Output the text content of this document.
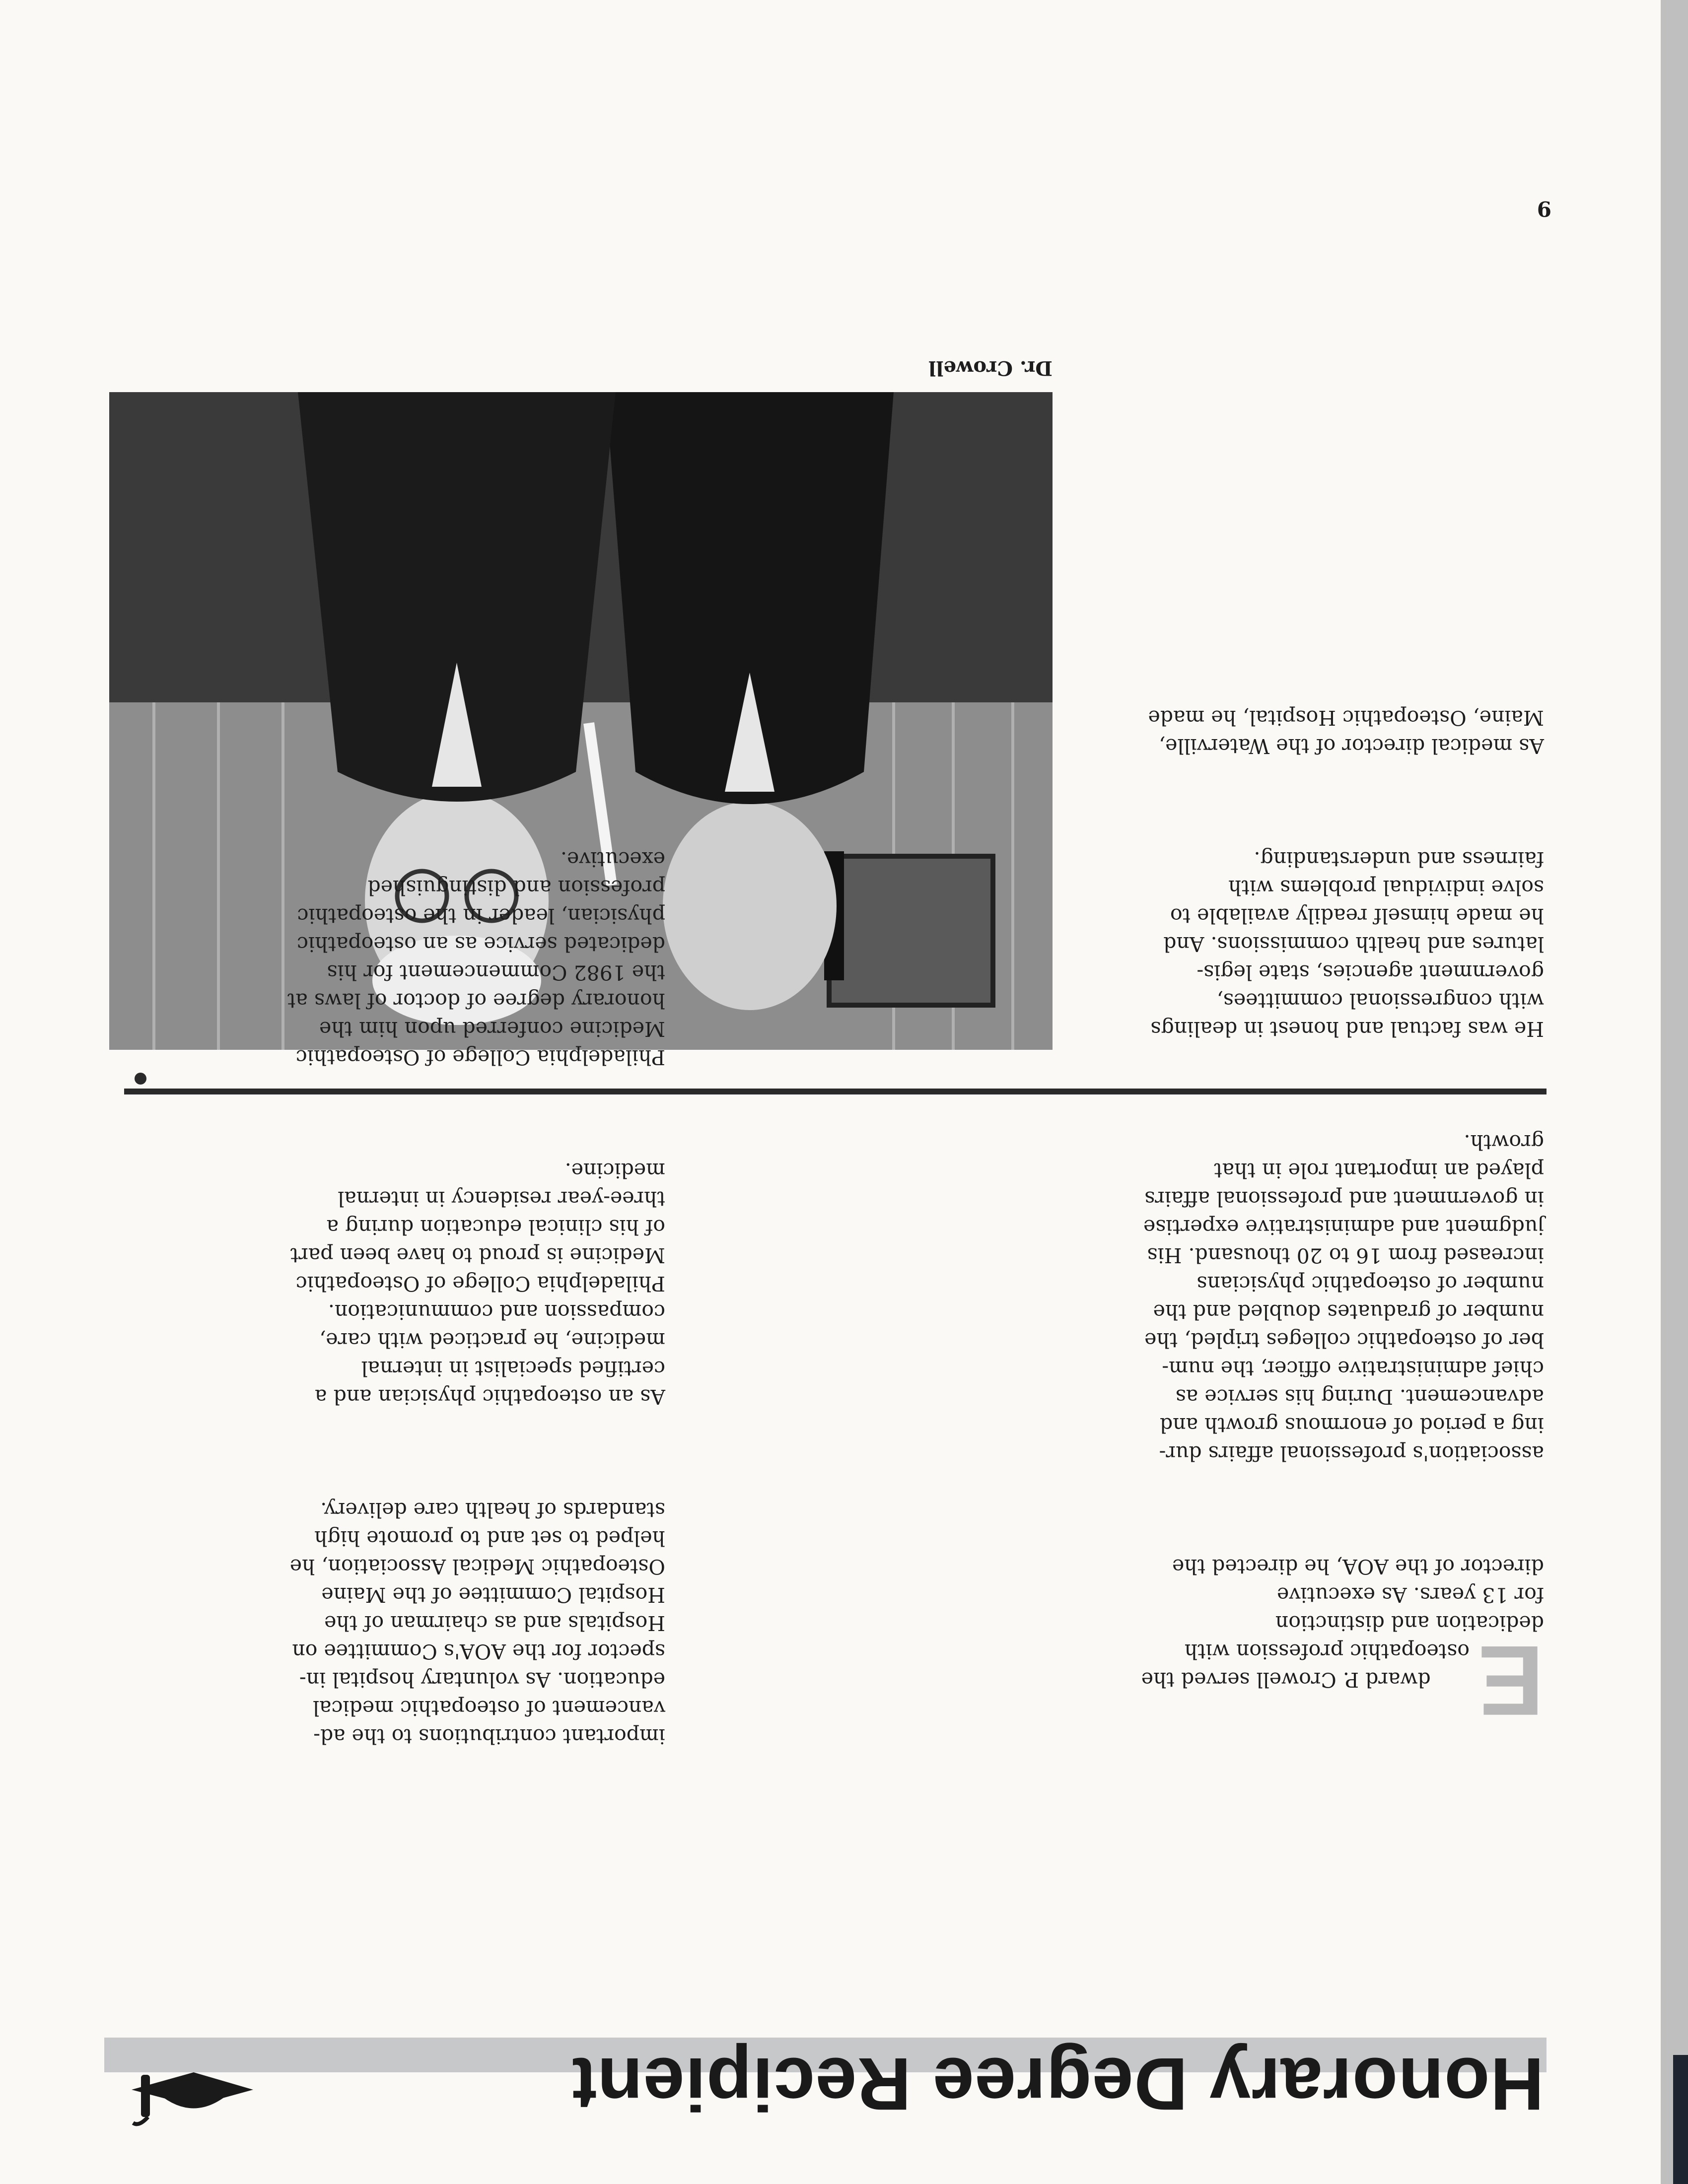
9
Dr. Crowell

E

dward P. Crowell served the
osteopathic profession with
dedication and distinction
for 13 years. As executive
director of the AOA, he directed the

association's professional affairs dur-
ing a period of enormous growth and
advancement. During his service as
chief administrative officer, the num-
ber of osteopathic colleges tripled, the
number of graduates doubled and the
number of osteopathic physicians
increased from 16 to 20 thousand. His
judgment and administrative expertise
in government and professional affairs
played an important role in that
growth.

He was factual and honest in dealings
with congressional committees,
government agencies, state legis-
latures and health commissions. And
he made himself readily available to
solve individual problems with
fairness and understanding.

As medical director of the Waterville,
Maine, Osteopathic Hospital, he made

important contributions to the ad-
vancement of osteopathic medical
education. As voluntary hospital in-
spector for the AOA's Committee on
Hospitals and as chairman of the
Hospital Committee of the Maine
Osteopathic Medical Association, he
helped to set and to promote high
standards of health care delivery.

As an osteopathic physician and a
certified specialist in internal
medicine, he practiced with care,
compassion and communication.
Philadelphia College of Osteopathic
Medicine is proud to have been part
of his clinical education during a
three-year residency in internal
medicine.

Philadelphia College of Osteopathic
Medicine conferred upon him the
honorary degree of doctor of laws at
the 1982 Commencement for his
dedicated service as an osteopathic
physician, leader in the osteopathic
profession and distinguished
executive.

Honorary Degree Recipient
